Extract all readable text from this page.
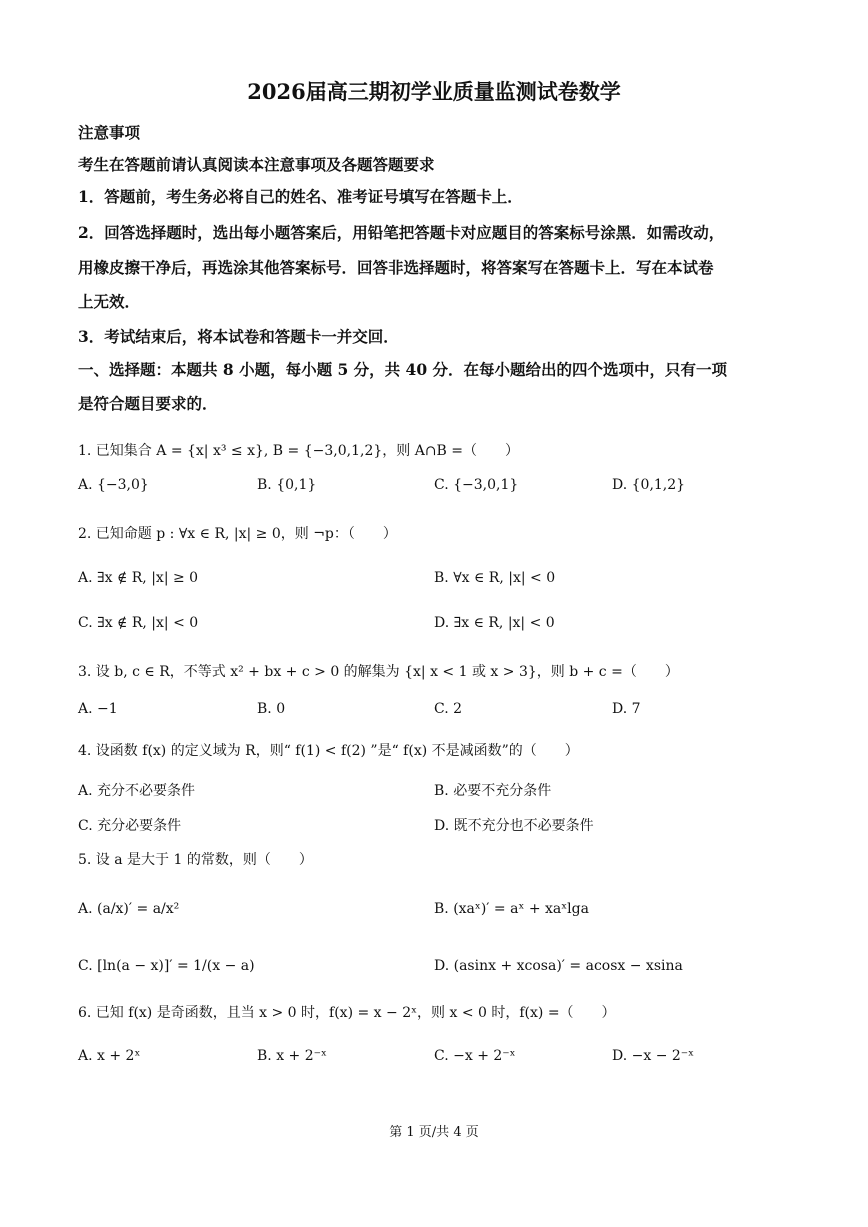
2026届高三期初学业质量监测试卷数学
注意事项
考生在答题前请认真阅读本注意事项及各题答题要求
1．答题前，考生务必将自己的姓名、准考证号填写在答题卡上．
2．回答选择题时，选出每小题答案后，用铅笔把答题卡对应题目的答案标号涂黑．如需改动，
用橡皮擦干净后，再选涂其他答案标号．回答非选择题时，将答案写在答题卡上．写在本试卷
上无效．
3．考试结束后，将本试卷和答题卡一并交回．
一、选择题：本题共 8 小题，每小题 5 分，共 40 分．在每小题给出的四个选项中，只有一项
是符合题目要求的．
1. 已知集合 A = {x| x³ ≤ x}, B = {−3,0,1,2}，则 A∩B =（　　）
A. {−3,0}	B. {0,1}	C. {−3,0,1}	D. {0,1,2}
2. 已知命题 p : ∀x ∈ R, |x| ≥ 0，则 ¬p：（　　）
A. ∃x ∉ R, |x| ≥ 0	B. ∀x ∈ R, |x| < 0
C. ∃x ∉ R, |x| < 0	D. ∃x ∈ R, |x| < 0
3. 设 b, c ∈ R，不等式 x² + bx + c > 0 的解集为 {x| x < 1 或 x > 3}，则 b + c =（　　）
A. −1	B. 0	C. 2	D. 7
4. 设函数 f(x) 的定义域为 R，则“ f(1) < f(2) ”是“ f(x) 不是减函数”的（　　）
A. 充分不必要条件	B. 必要不充分条件
C. 充分必要条件	D. 既不充分也不必要条件
5. 设 a 是大于 1 的常数，则（　　）
A. (a/x)′ = a/x²	B. (xaˣ)′ = aˣ + xaˣlga
C. [ln(a − x)]′ = 1/(x − a)	D. (asinx + xcosa)′ = acosx − xsina
6. 已知 f(x) 是奇函数，且当 x > 0 时，f(x) = x − 2ˣ，则 x < 0 时，f(x) =（　　）
A. x + 2ˣ	B. x + 2⁻ˣ	C. −x + 2⁻ˣ	D. −x − 2⁻ˣ
第 1 页/共 4 页
